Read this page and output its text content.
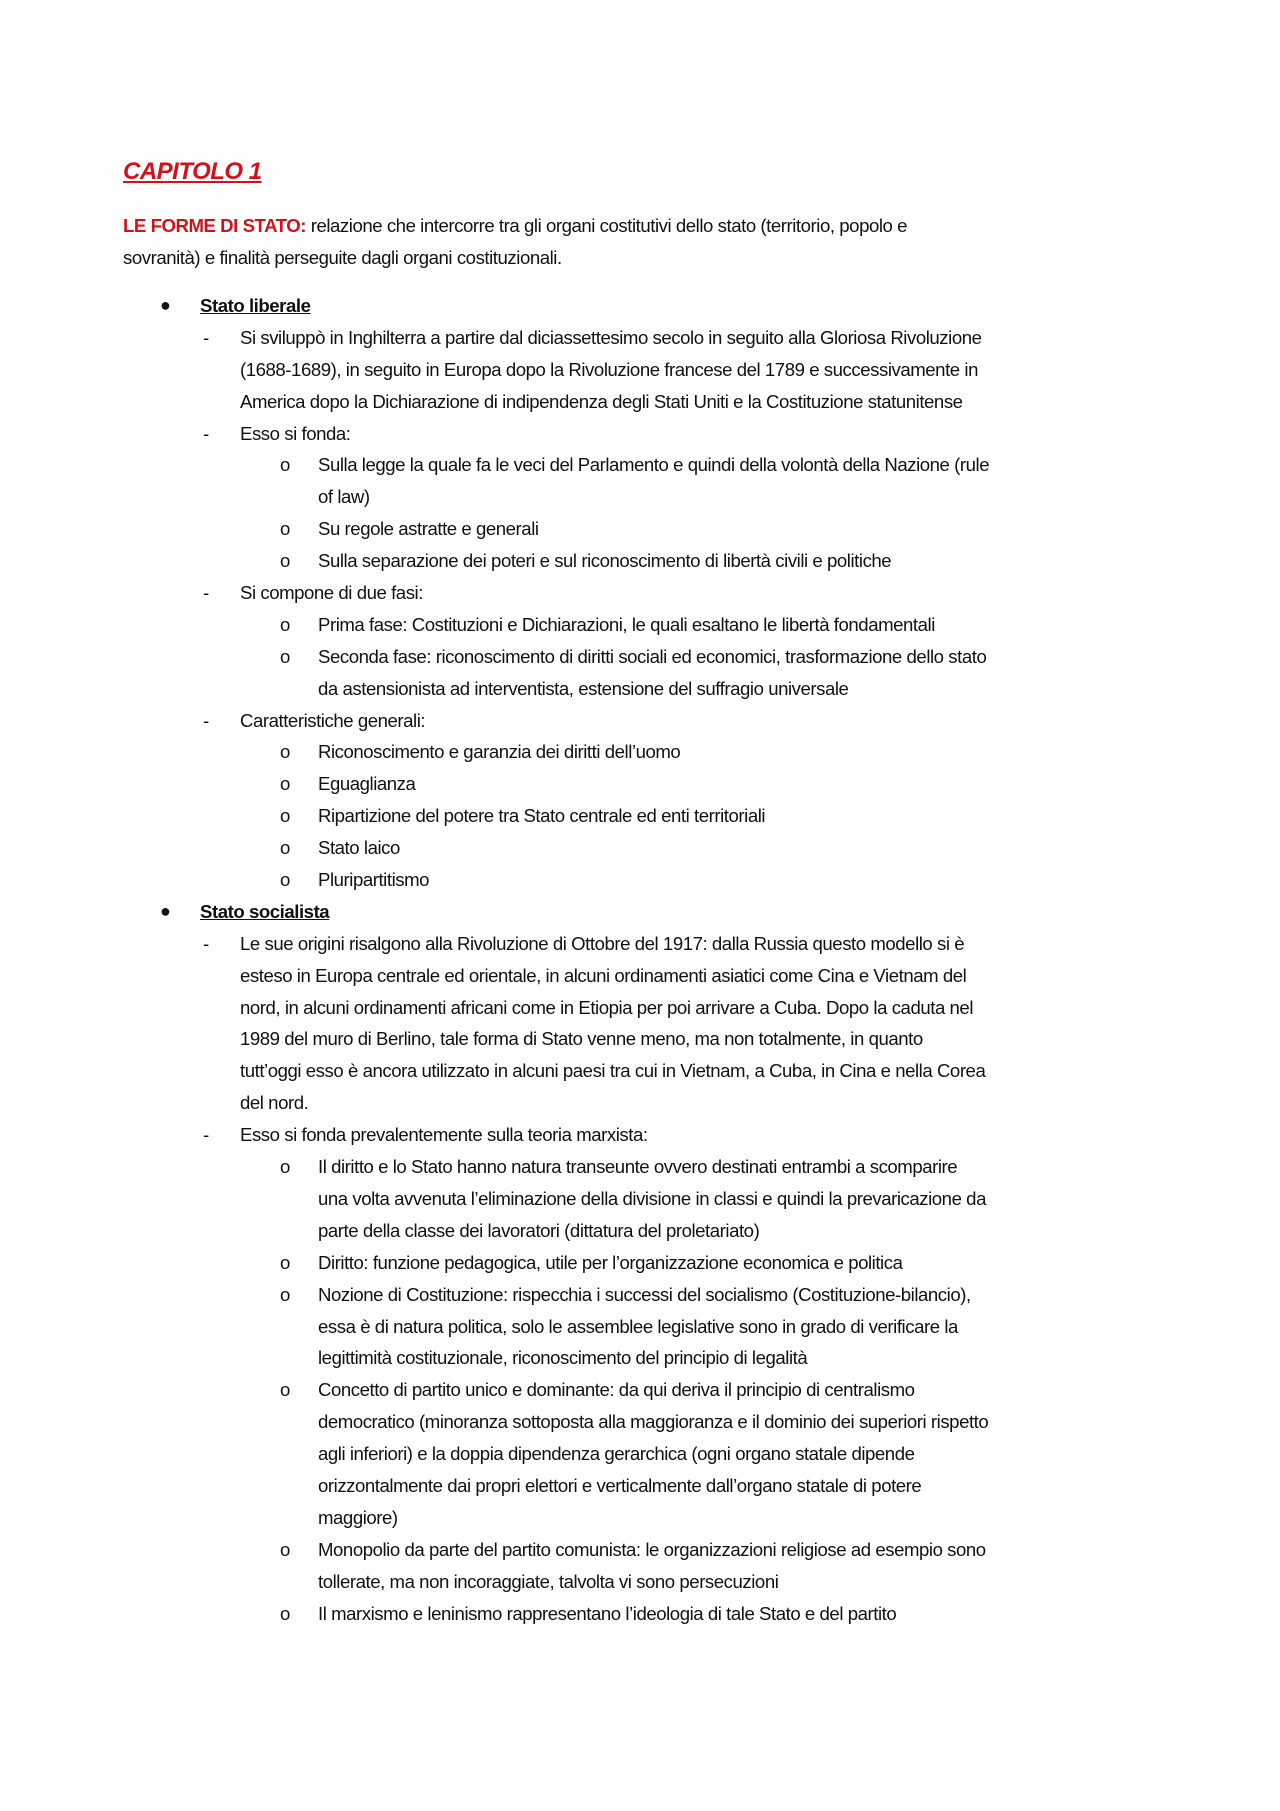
CAPITOLO 1
LE FORME DI STATO: relazione che intercorre tra gli organi costitutivi dello stato (territorio, popolo e
sovranità) e finalità perseguite dagli organi costituzionali.
● Stato liberale
- Si sviluppò in Inghilterra a partire dal diciassettesimo secolo in seguito alla Gloriosa Rivoluzione
(1688-1689), in seguito in Europa dopo la Rivoluzione francese del 1789 e successivamente in
America dopo la Dichiarazione di indipendenza degli Stati Uniti e la Costituzione statunitense
- Esso si fonda:
o Sulla legge la quale fa le veci del Parlamento e quindi della volontà della Nazione (rule
of law)
o Su regole astratte e generali
o Sulla separazione dei poteri e sul riconoscimento di libertà civili e politiche
- Si compone di due fasi:
o Prima fase: Costituzioni e Dichiarazioni, le quali esaltano le libertà fondamentali
o Seconda fase: riconoscimento di diritti sociali ed economici, trasformazione dello stato
da astensionista ad interventista, estensione del suffragio universale
- Caratteristiche generali:
o Riconoscimento e garanzia dei diritti dell’uomo
o Eguaglianza
o Ripartizione del potere tra Stato centrale ed enti territoriali
o Stato laico
o Pluripartitismo
● Stato socialista
- Le sue origini risalgono alla Rivoluzione di Ottobre del 1917: dalla Russia questo modello si è
esteso in Europa centrale ed orientale, in alcuni ordinamenti asiatici come Cina e Vietnam del
nord, in alcuni ordinamenti africani come in Etiopia per poi arrivare a Cuba. Dopo la caduta nel
1989 del muro di Berlino, tale forma di Stato venne meno, ma non totalmente, in quanto
tutt’oggi esso è ancora utilizzato in alcuni paesi tra cui in Vietnam, a Cuba, in Cina e nella Corea
del nord.
- Esso si fonda prevalentemente sulla teoria marxista:
o Il diritto e lo Stato hanno natura transeunte ovvero destinati entrambi a scomparire
una volta avvenuta l’eliminazione della divisione in classi e quindi la prevaricazione da
parte della classe dei lavoratori (dittatura del proletariato)
o Diritto: funzione pedagogica, utile per l’organizzazione economica e politica
o Nozione di Costituzione: rispecchia i successi del socialismo (Costituzione-bilancio),
essa è di natura politica, solo le assemblee legislative sono in grado di verificare la
legittimità costituzionale, riconoscimento del principio di legalità
o Concetto di partito unico e dominante: da qui deriva il principio di centralismo
democratico (minoranza sottoposta alla maggioranza e il dominio dei superiori rispetto
agli inferiori) e la doppia dipendenza gerarchica (ogni organo statale dipende
orizzontalmente dai propri elettori e verticalmente dall’organo statale di potere
maggiore)
o Monopolio da parte del partito comunista: le organizzazioni religiose ad esempio sono
tollerate, ma non incoraggiate, talvolta vi sono persecuzioni
o Il marxismo e leninismo rappresentano l’ideologia di tale Stato e del partito
